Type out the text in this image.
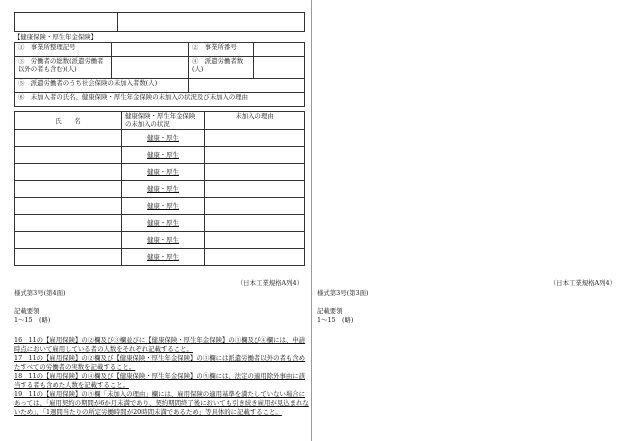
【健康保険・厚生年金保険】
①　事業所整理記号		②　事業所番号	
③　労働者の総数(派遣労働者以外の者も含む)(人)		④　派遣労働者数(人)	
⑤　派遣労働者のうち社会保険の未加入者数(人)			
⑥　未加入者の氏名、健康保険・厚生年金保険の未加入の状況及び未加入の理由			
氏　　名	健康保険・厚生年金保険の未加入の状況	未加入の理由
	健康・厚生	
	健康・厚生	
	健康・厚生	
	健康・厚生	
	健康・厚生	
	健康・厚生	
	健康・厚生	
	健康・厚生	
（日本工業規格A列4）
様式第3号(第4面)
記載要領
1～15　(略)
16　11の【雇用保険】の②欄及び③欄並びに【健康保険・厚生年金保険】の③欄及び④欄には、申請時点において雇用している者の人数をそれぞれ記載すること。
17　11の【雇用保険】の②欄及び【健康保険・厚生年金保険】の③欄には派遣労働者以外の者も含めたすべての労働者の実数を記載すること。
18　11の【雇用保険】の④欄及び【健康保険・厚生年金保険】の⑤欄には、法定の適用除外事由に該当する者も含めた人数を記載すること。
19　11の【雇用保険】の⑤欄「未加入の理由」欄には、雇用保険の適用基準を満たしていない場合にあっては、「雇用契約の期間が6か月未満であり、契約期間終了後においても引き続き雇用が見込まれないため」、「1週間当たりの所定労働時間が20時間未満であるため」等具体的に記載すること。
（日本工業規格A列4）
様式第3号(第3面)
記載要領
1～15　(略)
